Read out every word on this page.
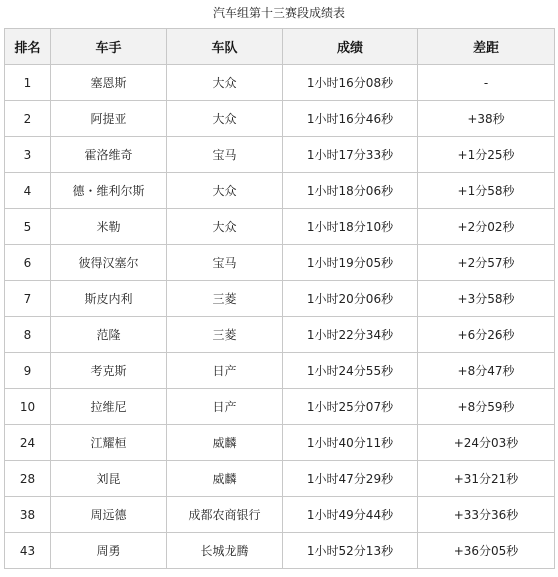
汽车组第十三赛段成绩表
排名	车手	车队	成绩	差距
1	塞恩斯	大众	1小时16分08秒	-
2	阿提亚	大众	1小时16分46秒	+38秒
3	霍洛维奇	宝马	1小时17分33秒	+1分25秒
4	德・维利尔斯	大众	1小时18分06秒	+1分58秒
5	米勒	大众	1小时18分10秒	+2分02秒
6	彼得汉塞尔	宝马	1小时19分05秒	+2分57秒
7	斯皮内利	三菱	1小时20分06秒	+3分58秒
8	范隆	三菱	1小时22分34秒	+6分26秒
9	考克斯	日产	1小时24分55秒	+8分47秒
10	拉维尼	日产	1小时25分07秒	+8分59秒
24	江耀桓	威麟	1小时40分11秒	+24分03秒
28	刘昆	威麟	1小时47分29秒	+31分21秒
38	周远德	成都农商银行	1小时49分44秒	+33分36秒
43	周勇	长城龙腾	1小时52分13秒	+36分05秒
